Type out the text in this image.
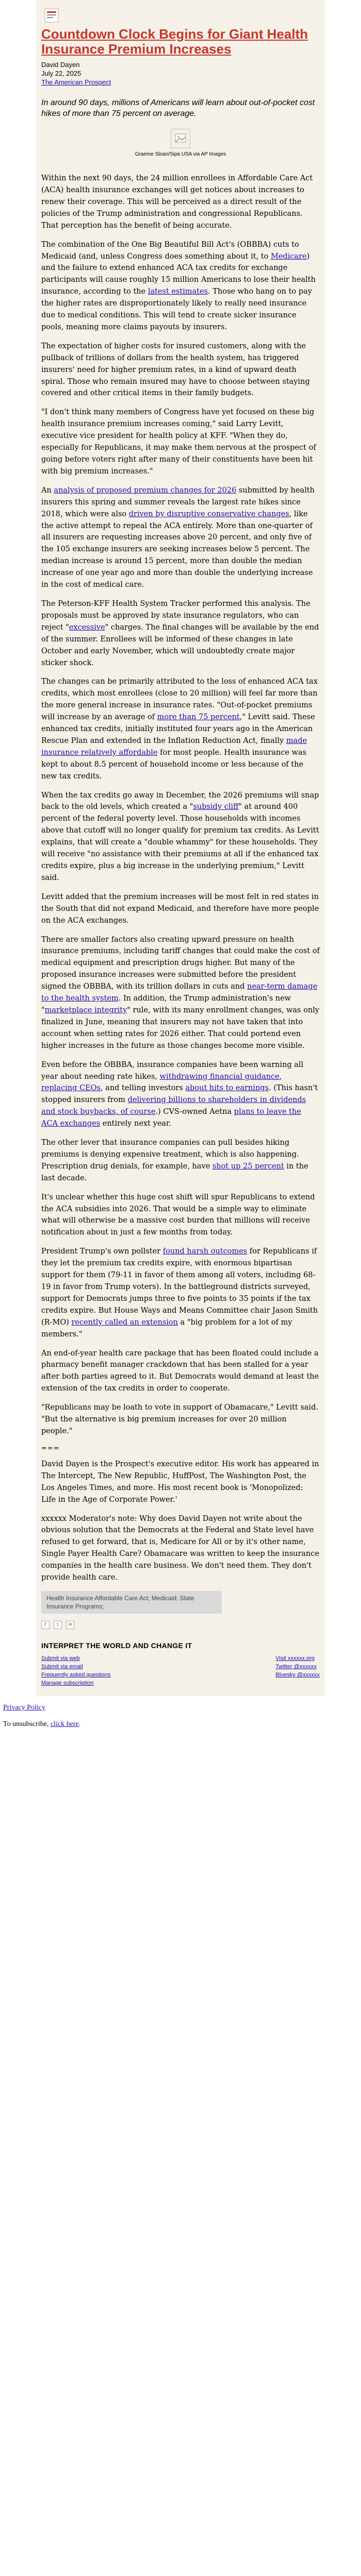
Countdown Clock Begins for Giant Health Insurance Premium Increases
David Dayen
July 22, 2025
The American Prospect
In around 90 days, millions of Americans will learn about out-of-pocket cost hikes of more than 75 percent on average.
Graeme Sloan/Sipa USA via AP Images

Within the next 90 days, the 24 million enrollees in Affordable Care Act (ACA) health insurance exchanges will get notices about increases to renew their coverage. This will be perceived as a direct result of the policies of the Trump administration and congressional Republicans. That perception has the benefit of being accurate.

The combination of the One Big Beautiful Bill Act's (OBBBA) cuts to Medicaid (and, unless Congress does something about it, to Medicare) and the failure to extend enhanced ACA tax credits for exchange participants will cause roughly 15 million Americans to lose their health insurance, according to the latest estimates. Those who hang on to pay the higher rates are disproportionately likely to really need insurance due to medical conditions. This will tend to create sicker insurance pools, meaning more claims payouts by insurers.

The expectation of higher costs for insured customers, along with the pullback of trillions of dollars from the health system, has triggered insurers' need for higher premium rates, in a kind of upward death spiral. Those who remain insured may have to choose between staying covered and other critical items in their family budgets.

"I don't think many members of Congress have yet focused on these big health insurance premium increases coming," said Larry Levitt, executive vice president for health policy at KFF. "When they do, especially for Republicans, it may make them nervous at the prospect of going before voters right after many of their constituents have been hit with big premium increases."

An analysis of proposed premium changes for 2026 submitted by health insurers this spring and summer reveals the largest rate hikes since 2018, which were also driven by disruptive conservative changes, like the active attempt to repeal the ACA entirely. More than one-quarter of all insurers are requesting increases above 20 percent, and only five of the 105 exchange insurers are seeking increases below 5 percent. The median increase is around 15 percent, more than double the median increase of one year ago and more than double the underlying increase in the cost of medical care.

The Peterson-KFF Health System Tracker performed this analysis. The proposals must be approved by state insurance regulators, who can reject "excessive" charges. The final changes will be available by the end of the summer. Enrollees will be informed of these changes in late October and early November, which will undoubtedly create major sticker shock.

The changes can be primarily attributed to the loss of enhanced ACA tax credits, which most enrollees (close to 20 million) will feel far more than the more general increase in insurance rates. "Out-of-pocket premiums will increase by an average of more than 75 percent," Levitt said. These enhanced tax credits, initially instituted four years ago in the American Rescue Plan and extended in the Inflation Reduction Act, finally made insurance relatively affordable for most people. Health insurance was kept to about 8.5 percent of household income or less because of the new tax credits.

When the tax credits go away in December, the 2026 premiums will snap back to the old levels, which created a "subsidy cliff" at around 400 percent of the federal poverty level. Those households with incomes above that cutoff will no longer qualify for premium tax credits. As Levitt explains, that will create a "double whammy" for these households. They will receive "no assistance with their premiums at all if the enhanced tax credits expire, plus a big increase in the underlying premium," Levitt said.

Levitt added that the premium increases will be most felt in red states in the South that did not expand Medicaid, and therefore have more people on the ACA exchanges.

There are smaller factors also creating upward pressure on health insurance premiums, including tariff changes that could make the cost of medical equipment and prescription drugs higher. But many of the proposed insurance increases were submitted before the president signed the OBBBA, with its trillion dollars in cuts and near-term damage to the health system. In addition, the Trump administration's new "marketplace integrity" rule, with its many enrollment changes, was only finalized in June, meaning that insurers may not have taken that into account when setting rates for 2026 either. That could portend even higher increases in the future as those changes become more visible.

Even before the OBBBA, insurance companies have been warning all year about needing rate hikes, withdrawing financial guidance, replacing CEOs, and telling investors about hits to earnings. (This hasn't stopped insurers from delivering billions to shareholders in dividends and stock buybacks, of course.) CVS-owned Aetna plans to leave the ACA exchanges entirely next year.

The other lever that insurance companies can pull besides hiking premiums is denying expensive treatment, which is also happening. Prescription drug denials, for example, have shot up 25 percent in the last decade.

It's unclear whether this huge cost shift will spur Republicans to extend the ACA subsidies into 2026. That would be a simple way to eliminate what will otherwise be a massive cost burden that millions will receive notification about in just a few months from today.

President Trump's own pollster found harsh outcomes for Republicans if they let the premium tax credits expire, with enormous bipartisan support for them (79-11 in favor of them among all voters, including 68-19 in favor from Trump voters). In the battleground districts surveyed, support for Democrats jumps three to five points to 35 points if the tax credits expire. But House Ways and Means Committee chair Jason Smith (R-MO) recently called an extension a "big problem for a lot of my members."

An end-of-year health care package that has been floated could include a pharmacy benefit manager crackdown that has been stalled for a year after both parties agreed to it. But Democrats would demand at least the extension of the tax credits in order to cooperate.

"Republicans may be loath to vote in support of Obamacare," Levitt said. "But the alternative is big premium increases for over 20 million people."

===

David Dayen is the Prospect's executive editor. His work has appeared in The Intercept, The New Republic, HuffPost, The Washington Post, the Los Angeles Times, and more. His most recent book is 'Monopolized: Life in the Age of Corporate Power.'

xxxxxx Moderator's note: Why does David Dayen not write about the obvious solution that the Democrats at the Federal and State level have refused to get forward, that is, Medicare for All or by it's other name, Single Payer Health Care? Obamacare was written to keep the insurance companies in the health care business. We don't need them. They don't provide health care.

Health Insurance Affordable Care Act; Medicaid; State Insurance Programs;
f	t	✉
INTERPRET THE WORLD AND CHANGE IT
Submit via web
Submit via email
Frequently asked questions
Manage subscription
Visit xxxxxx.org
Twitter @xxxxxx
Bluesky @xxxxxx

Privacy Policy

To unsubscribe, click here.
